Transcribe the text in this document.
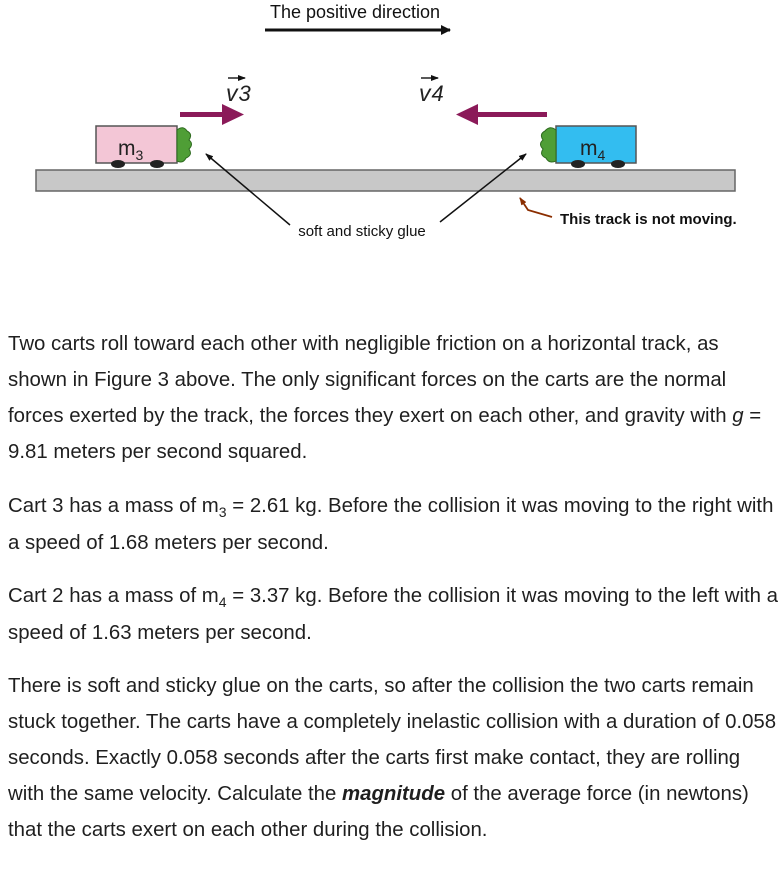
The positive direction
v3	v4
$m_3$	$m_4$
soft and sticky glue
This track is not moving.

Two carts roll toward each other with negligible friction on a horizontal track, as shown in Figure 3 above. The only significant forces on the carts are the normal forces exerted by the track, the forces they exert on each other, and gravity with g = 9.81 meters per second squared.

Cart 3 has a mass of $m_3 = 2.61$ kg. Before the collision it was moving to the right with a speed of 1.68 meters per second.

Cart 2 has a mass of $m_4 = 3.37$ kg. Before the collision it was moving to the left with a speed of 1.63 meters per second.

There is soft and sticky glue on the carts, so after the collision the two carts remain stuck together. The carts have a completely inelastic collision with a duration of 0.058 seconds. Exactly 0.058 seconds after the carts first make contact, they are rolling with the same velocity. Calculate the magnitude of the average force (in newtons) that the carts exert on each other during the collision.
